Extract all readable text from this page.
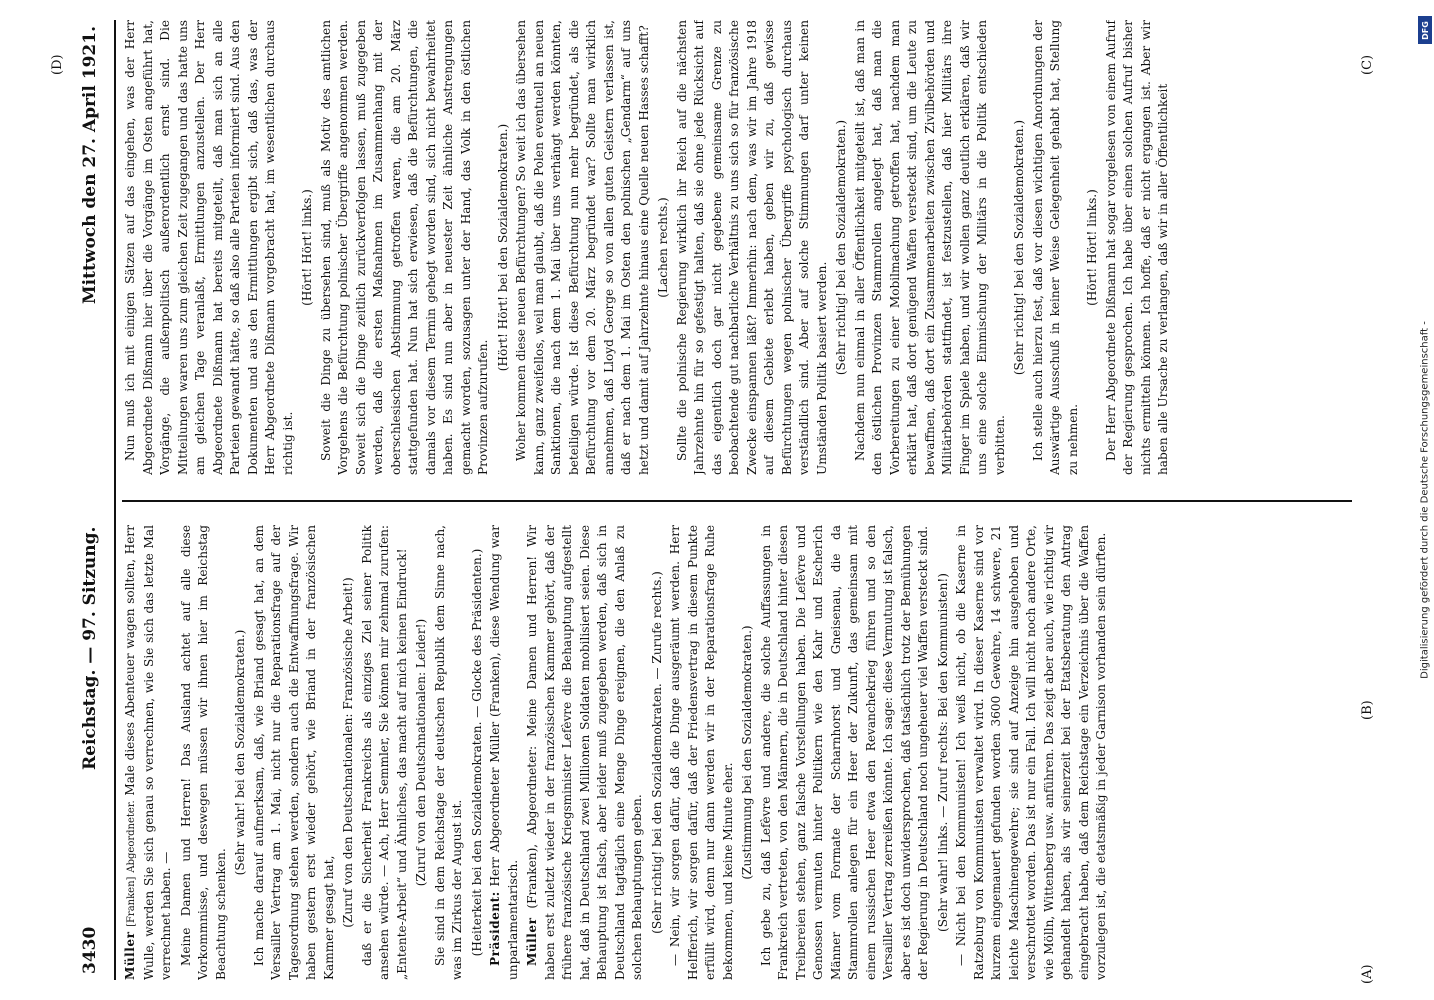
3430
Reichstag. — 97. Sitzung.
Mittwoch den 27. April 1921.

Müller [Franken] Abgeordneter. Male dieses Abenteuer wagen sollten, Herr Wulle, werden Sie sich genau so verrechnen, wie Sie sich das letzte Mal verrechnet haben. — Meine Damen und Herren! Das Ausland achtet auf alle diese Vorkommnisse, und deswegen müssen wir ihnen hier im Reichstag Beachtung schenken.

(Sehr wahr! bei den Sozialdemokraten.) Ich mache darauf aufmerksam, daß, wie Briand gesagt hat, an dem Versailler Vertrag am 1. Mai, nicht nur die Reparationsfrage auf der Tagesordnung stehen werden, sondern auch die Entwaffnungsfrage. Wir haben gestern erst wieder gehört, wie Briand in der französischen Kammer gesagt hat, (Zuruf von den Deutschnationalen: Französische Arbeit!) daß er die Sicherheit Frankreichs als einziges Ziel seiner Politik ansehen würde. — Ach, Herr Semmler, Sie können mir zehnmal zurufen: „Entente-Arbeit“ und Ähnliches, das macht auf mich keinen Eindruck! (Zuruf von den Deutschnationalen: Leider!) Sie sind in dem Reichstage der deutschen Republik dem Sinne nach, was im Zirkus der August ist. (Heiterkeit bei den Sozialdemokraten. — Glocke des Präsidenten.) Präsident: Herr Abgeordneter Müller (Franken), diese Wendung war unparlamentarisch. Müller (Franken), Abgeordneter: Meine Damen und Herren! Wir haben erst zuletzt wieder in der französischen Kammer gehört, daß der frühere französische Kriegsminister Lefèvre die Behauptung aufgestellt hat, daß in Deutschland zwei Millionen Soldaten mobilisiert seien. Diese Behauptung ist falsch, aber leider muß zugegeben werden, daß sich in Deutschland tagtäglich eine Menge Dinge ereignen, die den Anlaß zu solchen Behauptungen geben. (Sehr richtig! bei den Sozialdemokraten. — Zurufe rechts.) — Nein, wir sorgen dafür, daß die Dinge ausgeräumt werden. Herr Helfferich, wir sorgen dafür, daß der Friedensvertrag in diesem Punkte erfüllt wird, denn nur dann werden wir in der Reparationsfrage Ruhe bekommen, und keine Minute eher. (Zustimmung bei den Sozialdemokraten.) Ich gebe zu, daß Lefèvre und andere, die solche Auffassungen in Frankreich vertreten, von den Männern, die in Deutschland hinter diesen Treibereien stehen, ganz falsche Vorstellungen haben. Die Lefèvre und Genossen vermuten hinter Politikern wie den Kahr und Escherich Männer vom Formate der Scharnhorst und Gneisenau, die da Stammrollen anlegen für ein Heer der Zukunft, das gemeinsam mit einem russischen Heer etwa den Revanchekrieg führen und so den Versailler Vertrag zerreißen könnte. Ich sage: diese Vermutung ist falsch, aber es ist doch unwidersprochen, daß tatsächlich trotz der Bemühungen der Regierung in Deutschland noch ungeheuer viel Waffen versteckt sind. (Sehr wahr! links. — Zuruf rechts: Bei den Kommunisten!) — Nicht bei den Kommunisten! Ich weiß nicht, ob die Kaserne in Ratzeburg von Kommunisten verwaltet wird. In dieser Kaserne sind vor kurzem eingemauert gefunden worden 3600 Gewehre, 14 schwere, 21 leichte Maschinengewehre; sie sind auf Anzeige hin ausgehoben und verschrottet worden. Das ist nur ein Fall. Ich will nicht noch andere Orte, wie Mölln, Wittenberg usw. anführen. Das zeigt aber auch, wie richtig wir gehandelt haben, als wir seinerzeit bei der Etatsberatung den Antrag eingebracht haben, daß dem Reichstage ein Verzeichnis über die Waffen vorzulegen ist, die etatsmäßig in jeder Garnison vorhanden sein dürften.

Nun muß ich mit einigen Sätzen auf das eingehen, was der Herr Abgeordnete Dißmann hier über die Vorgänge im Osten angeführt hat, Vorgänge, die außenpolitisch außerordentlich ernst sind. Die Mitteilungen waren uns zum gleichen Zeit zugegangen und das hatte uns am gleichen Tage veranlaßt, Ermittlungen anzustellen. Der Herr Abgeordnete Dißmann hat bereits mitgeteilt, daß man sich an alle Parteien gewandt hätte, so daß also alle Parteien informiert sind. Aus den Dokumenten und aus den Ermittlungen ergibt sich, daß das, was der Herr Abgeordnete Dißmann vorgebracht hat, im wesentlichen durchaus richtig ist.

(Hört! Hört! links.) Soweit die Dinge zu übersehen sind, muß als Motiv des amtlichen Vorgehens die Befürchtung polnischer Übergriffe angenommen werden. Soweit sich die Dinge zeitlich zurückverfolgen lassen, muß zugegeben werden, daß die ersten Maßnahmen im Zusammenhang mit der oberschlesischen Abstimmung getroffen waren, die am 20. März stattgefunden hat. Nun hat sich erwiesen, daß die Befürchtungen, die damals vor diesem Termin gehegt worden sind, sich nicht bewahrheitet haben. Es sind nun aber in neuester Zeit ähnliche Anstrengungen gemacht worden, sozusagen unter der Hand, das Volk in den östlichen Provinzen aufzurufen.

(Hört! Hört! bei den Sozialdemokraten.) Woher kommen diese neuen Befürchtungen? So weit ich das übersehen kann, ganz zweifellos, weil man glaubt, daß die Polen eventuell an neuen Sanktionen, die nach dem 1. Mai über uns verhängt werden könnten, beteiligen würde. Ist diese Befürchtung nun mehr begründet, als die Befürchtung vor dem 20. März begründet war? Sollte man wirklich annehmen, daß Lloyd George so von allen guten Geistern verlassen ist, daß er nach dem 1. Mai im Osten den polnischen „Gendarm“ auf uns hetzt und damit auf Jahrzehnte hinaus eine Quelle neuen Hasses schafft? (Lachen rechts.) Sollte die polnische Regierung wirklich ihr Reich auf die nächsten Jahrzehnte hin für so gefestigt halten, daß sie ohne jede Rücksicht auf das eigentlich doch gar nicht gegebene gemeinsame Grenze zu beobachtende gut nachbarliche Verhältnis zu uns sich so für französische Zwecke einspannen läßt? Immerhin: nach dem, was wir im Jahre 1918 auf diesem Gebiete erlebt haben, geben wir zu, daß gewisse Befürchtungen wegen polnischer Übergriffe psychologisch durchaus verständlich sind. Aber auf solche Stimmungen darf unter keinen Umständen Politik basiert werden. (Sehr richtig! bei den Sozialdemokraten.) Nachdem nun einmal in aller Öffentlichkeit mitgeteilt ist, daß man in den östlichen Provinzen Stammrollen angelegt hat, daß man die Vorbereitungen zu einer Mobilmachung getroffen hat, nachdem man erklärt hat, daß dort genügend Waffen versteckt sind, um die Leute zu bewaffnen, daß dort ein Zusammenarbeiten zwischen Zivilbehörden und Militärbehörden stattfindet, ist festzustellen, daß hier Militärs ihre Finger im Spiele haben, und wir wollen ganz deutlich erklären, daß wir uns eine solche Einmischung der Militärs in die Politik entschieden verbitten.

(Sehr richtig! bei den Sozialdemokraten.) Ich stelle auch hierzu fest, daß vor diesen wichtigen Anordnungen der Auswärtige Ausschuß in keiner Weise Gelegenheit gehabt hat, Stellung zu nehmen.

(Hört! Hört! links.) Der Herr Abgeordnete Dißmann hat sogar vorgelesen von einem Aufruf der Regierung gesprochen. Ich habe über einen solchen Aufruf bisher nichts ermitteln können. Ich hoffe, daß er nicht ergangen ist. Aber wir haben alle Ursache zu verlangen, daß wir in aller Öffentlichkeit

(A)
(B)
(C)
(D)
DFG
Digitalisierung gefördert durch die Deutsche Forschungsgemeinschaft -
